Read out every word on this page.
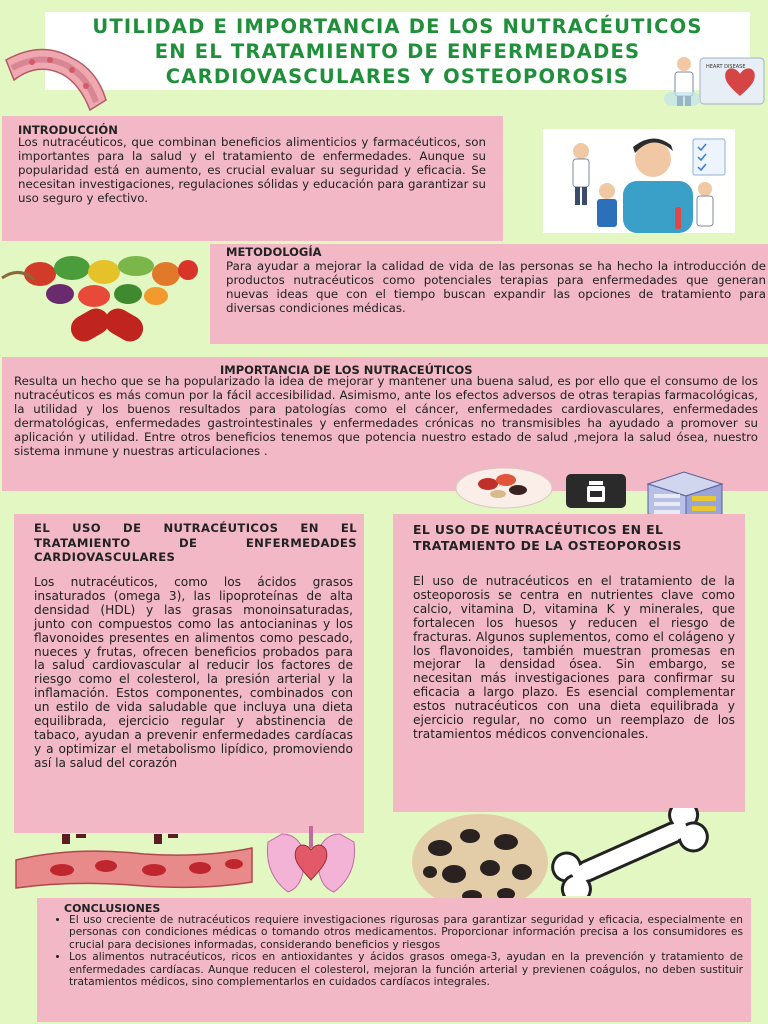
UTILIDAD E IMPORTANCIA DE LOS NUTRACÉUTICOS
EN EL TRATAMIENTO DE ENFERMEDADES
CARDIOVASCULARES Y OSTEOPOROSIS	HEART DISEASE
INTRODUCCIÓN
Los nutracéuticos, que combinan beneficios alimenticios y farmacéuticos, son importantes para la salud y el tratamiento de enfermedades. Aunque su popularidad está en aumento, es crucial evaluar su seguridad y eficacia. Se necesitan investigaciones, regulaciones sólidas y educación para garantizar su uso seguro y efectivo.
METODOLOGÍA
Para ayudar a mejorar la calidad de vida de las personas se ha hecho la introducción de productos nutracéuticos como potenciales terapias para enfermedades que generan nuevas ideas que con el tiempo buscan expandir las opciones de tratamiento para diversas condiciones médicas.
IMPORTANCIA DE LOS NUTRACEÚTICOS
Resulta un hecho que se ha popularizado la idea de mejorar y mantener una buena salud, es por ello que el consumo de los nutracéuticos es más comun por la fácil accesibilidad. Asimismo, ante los efectos adversos de otras terapias farmacológicas, la utilidad y los buenos resultados para patologías como el cáncer, enfermedades cardiovasculares, enfermedades dermatológicas, enfermedades gastrointestinales y enfermedades crónicas no transmisibles ha ayudado a promover su aplicación y utilidad. Entre otros beneficios tenemos que potencia nuestro estado de salud ,mejora la salud ósea, nuestro sistema inmune y nuestras articulaciones .
EL USO DE NUTRACÉUTICOS EN EL TRATAMIENTO DE ENFERMEDADES CARDIOVASCULARES
Los nutracéuticos, como los ácidos grasos insaturados (omega 3), las lipoproteínas de alta densidad (HDL) y las grasas monoinsaturadas, junto con compuestos como las antocianinas y los flavonoides presentes en alimentos como pescado, nueces y frutas, ofrecen beneficios probados para la salud cardiovascular al reducir los factores de riesgo como el colesterol, la presión arterial y la inflamación. Estos componentes, combinados con un estilo de vida saludable que incluya una dieta equilibrada, ejercicio regular y abstinencia de tabaco, ayudan a prevenir enfermedades cardíacas y a optimizar el metabolismo lipídico, promoviendo así la salud del corazón
EL USO DE NUTRACÉUTICOS EN EL TRATAMIENTO DE LA OSTEOPOROSIS
El uso de nutracéuticos en el tratamiento de la osteoporosis se centra en nutrientes clave como calcio, vitamina D, vitamina K y minerales, que fortalecen los huesos y reducen el riesgo de fracturas. Algunos suplementos, como el colágeno y los flavonoides, también muestran promesas en mejorar la densidad ósea. Sin embargo, se necesitan más investigaciones para confirmar su eficacia a largo plazo. Es esencial complementar estos nutracéuticos con una dieta equilibrada y ejercicio regular, no como un reemplazo de los tratamientos médicos convencionales.
CONCLUSIONES
• El uso creciente de nutracéuticos requiere investigaciones rigurosas para garantizar seguridad y eficacia, especialmente en personas con condiciones médicas o tomando otros medicamentos. Proporcionar información precisa a los consumidores es crucial para decisiones informadas, considerando beneficios y riesgos
• Los alimentos nutracéuticos, ricos en antioxidantes y ácidos grasos omega-3, ayudan en la prevención y tratamiento de enfermedades cardíacas. Aunque reducen el colesterol, mejoran la función arterial y previenen coágulos, no deben sustituir tratamientos médicos, sino complementarlos en cuidados cardíacos integrales.
